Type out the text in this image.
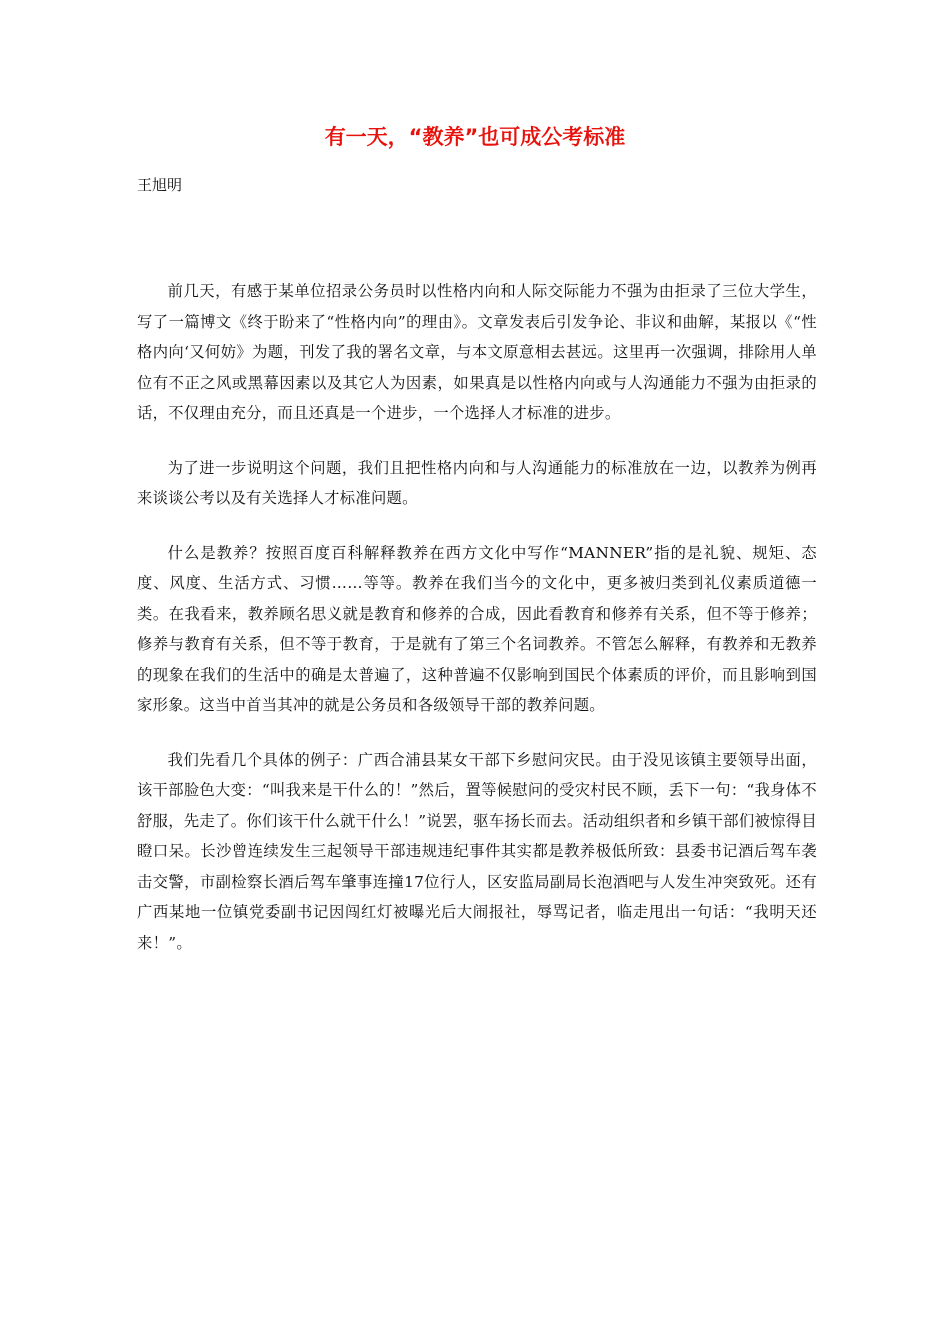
有一天，“教养”也可成公考标准

王旭明

前几天，有感于某单位招录公务员时以性格内向和人际交际能力不强为由拒录了三位大学生，写了一篇博文《终于盼来了“性格内向”的理由》。文章发表后引发争论、非议和曲解，某报以《“性格内向‘又何妨》为题，刊发了我的署名文章，与本文原意相去甚远。这里再一次强调，排除用人单位有不正之风或黑幕因素以及其它人为因素，如果真是以性格内向或与人沟通能力不强为由拒录的话，不仅理由充分，而且还真是一个进步，一个选择人才标准的进步。

为了进一步说明这个问题，我们且把性格内向和与人沟通能力的标准放在一边，以教养为例再来谈谈公考以及有关选择人才标准问题。

什么是教养？按照百度百科解释教养在西方文化中写作“MANNER”指的是礼貌、规矩、态度、风度、生活方式、习惯……等等。教养在我们当今的文化中，更多被归类到礼仪素质道德一类。在我看来，教养顾名思义就是教育和修养的合成，因此看教育和修养有关系，但不等于修养；修养与教育有关系，但不等于教育，于是就有了第三个名词教养。不管怎么解释，有教养和无教养的现象在我们的生活中的确是太普遍了，这种普遍不仅影响到国民个体素质的评价，而且影响到国家形象。这当中首当其冲的就是公务员和各级领导干部的教养问题。

我们先看几个具体的例子：广西合浦县某女干部下乡慰问灾民。由于没见该镇主要领导出面，该干部脸色大变：“叫我来是干什么的！”然后，置等候慰问的受灾村民不顾，丢下一句：“我身体不舒服，先走了。你们该干什么就干什么！”说罢，驱车扬长而去。活动组织者和乡镇干部们被惊得目瞪口呆。长沙曾连续发生三起领导干部违规违纪事件其实都是教养极低所致：县委书记酒后驾车袭击交警，市副检察长酒后驾车肇事连撞17位行人，区安监局副局长泡酒吧与人发生冲突致死。还有广西某地一位镇党委副书记因闯红灯被曝光后大闹报社，辱骂记者，临走甩出一句话：“我明天还来！”。
